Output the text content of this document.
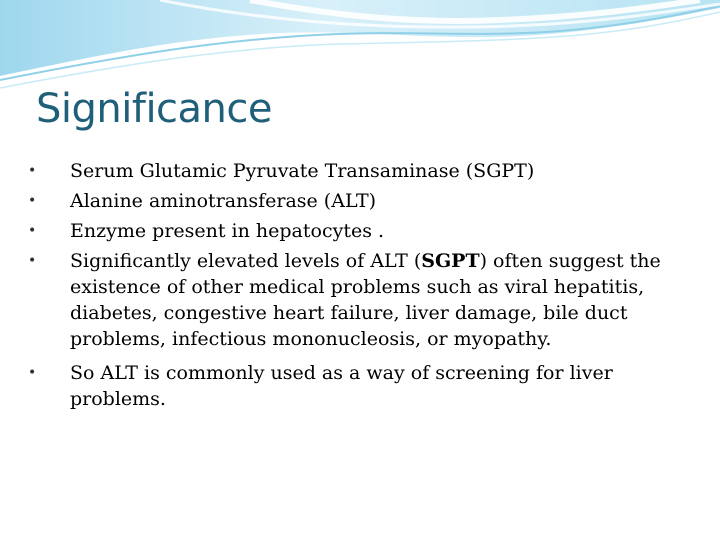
Significance
• Serum Glutamic Pyruvate Transaminase (SGPT)
• Alanine aminotransferase (ALT)
• Enzyme present in hepatocytes .
• Significantly elevated levels of ALT (SGPT) often suggest the existence of other medical problems such as viral hepatitis, diabetes, congestive heart failure, liver damage, bile duct problems, infectious mononucleosis, or myopathy.
• So ALT is commonly used as a way of screening for liver problems.
